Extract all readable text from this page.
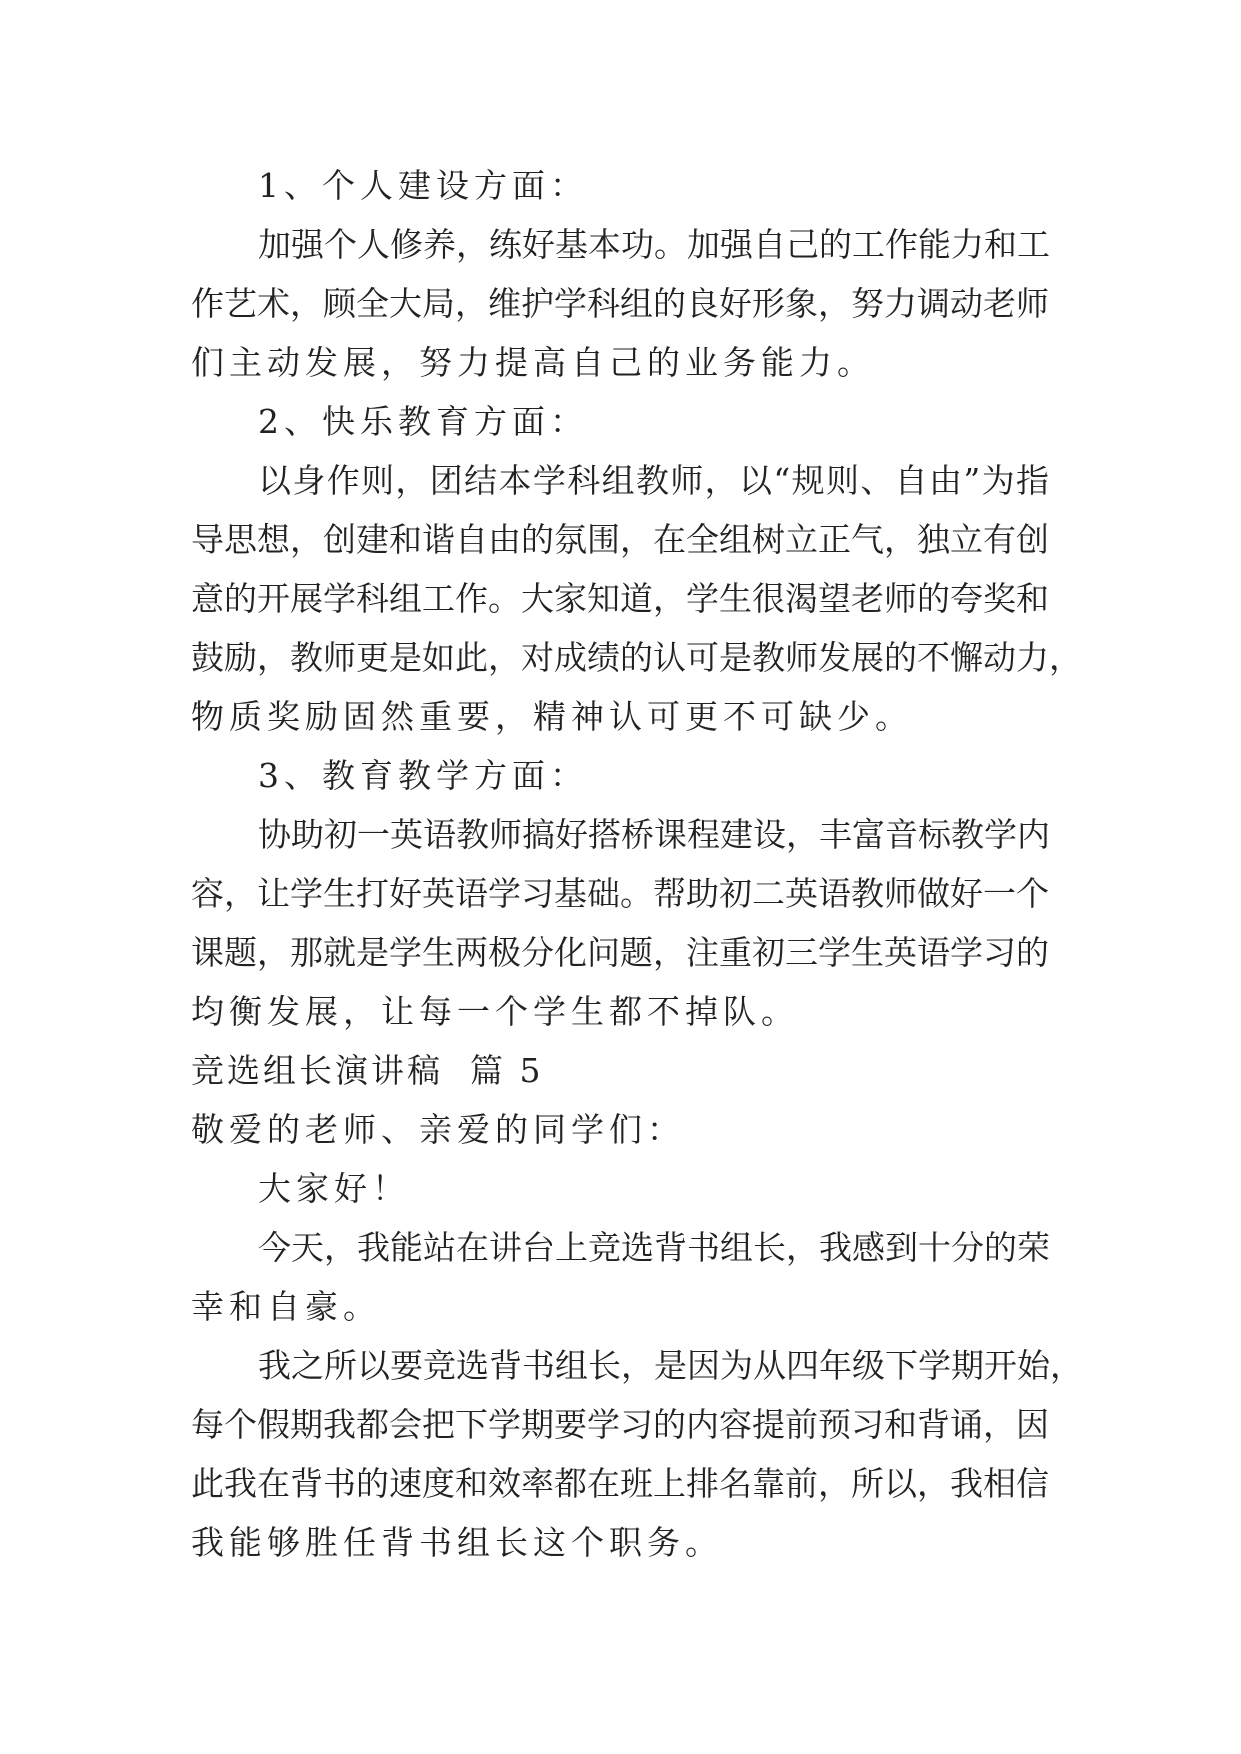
1、个人建设方面：
加强个人修养，练好基本功。加强自己的工作能力和工
作艺术，顾全大局，维护学科组的良好形象，努力调动老师
们主动发展，努力提高自己的业务能力。
2、快乐教育方面：
以身作则，团结本学科组教师，以“规则、自由”为指
导思想，创建和谐自由的氛围，在全组树立正气，独立有创
意的开展学科组工作。大家知道，学生很渴望老师的夸奖和
鼓励，教师更是如此，对成绩的认可是教师发展的不懈动力，
物质奖励固然重要，精神认可更不可缺少。
3、教育教学方面：
协助初一英语教师搞好搭桥课程建设，丰富音标教学内
容，让学生打好英语学习基础。帮助初二英语教师做好一个
课题，那就是学生两极分化问题，注重初三学生英语学习的
均衡发展，让每一个学生都不掉队。
竞选组长演讲稿  篇 5
敬爱的老师、亲爱的同学们：
大家好！
今天，我能站在讲台上竞选背书组长，我感到十分的荣
幸和自豪。
我之所以要竞选背书组长，是因为从四年级下学期开始，
每个假期我都会把下学期要学习的内容提前预习和背诵，因
此我在背书的速度和效率都在班上排名靠前，所以，我相信
我能够胜任背书组长这个职务。
